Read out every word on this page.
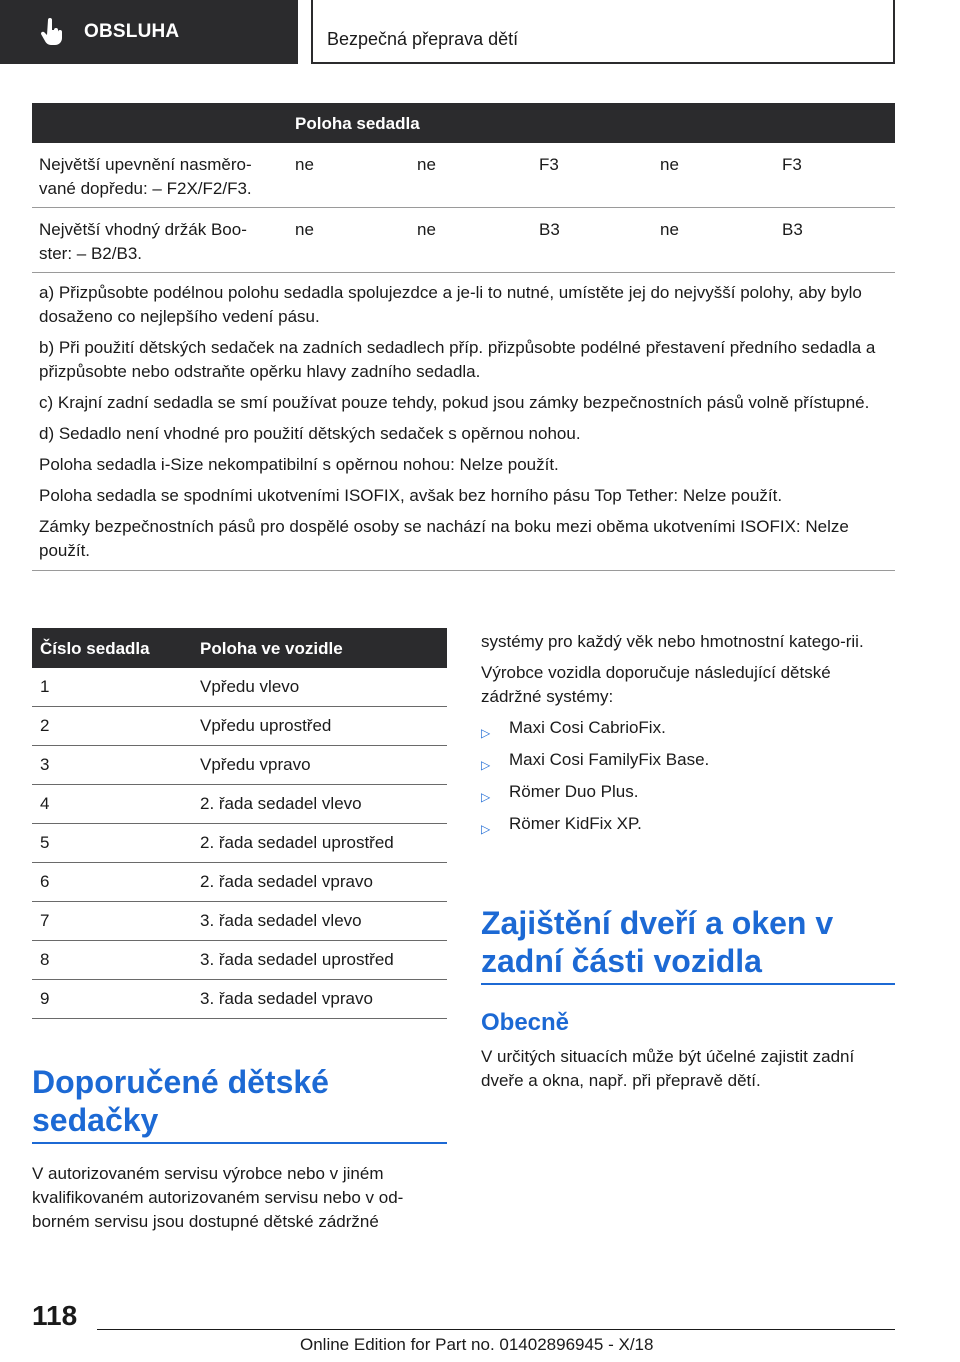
OBSLUHA	Bezpečná přeprava dětí
Poloha sedadla
Největší upevnění nasměro-
vané dopředu: – F2X/F2/F3.
ne	ne	F3	ne	F3
Největší vhodný držák Boo-
ster: – B2/B3.
ne	ne	B3	ne	B3

a) Přizpůsobte podélnou polohu sedadla spolujezdce a je-li to nutné, umístěte jej do nejvyšší polohy, aby bylo dosaženo co nejlepšího vedení pásu.

b) Při použití dětských sedaček na zadních sedadlech příp. přizpůsobte podélné přestavení předního sedadla a přizpůsobte nebo odstraňte opěrku hlavy zadního sedadla.

c) Krajní zadní sedadla se smí používat pouze tehdy, pokud jsou zámky bezpečnostních pásů volně přístupné.

d) Sedadlo není vhodné pro použití dětských sedaček s opěrnou nohou.

Poloha sedadla i-Size nekompatibilní s opěrnou nohou: Nelze použít.

Poloha sedadla se spodními ukotveními ISOFIX, avšak bez horního pásu Top Tether: Nelze použít.

Zámky bezpečnostních pásů pro dospělé osoby se nachází na boku mezi oběma ukotveními ISOFIX: Nelze použít.

Číslo sedadla	Poloha ve vozidle
1	Vpředu vlevo
2	Vpředu uprostřed
3	Vpředu vpravo
4	2. řada sedadel vlevo
5	2. řada sedadel uprostřed
6	2. řada sedadel vpravo
7	3. řada sedadel vlevo
8	3. řada sedadel uprostřed
9	3. řada sedadel vpravo
Doporučené dětské sedačky

V autorizovaném servisu výrobce nebo v jiném kvalifikovaném autorizovaném servisu nebo v od-borném servisu jsou dostupné dětské zádržné

systémy pro každý věk nebo hmotnostní katego-rii.

Výrobce vozidla doporučuje následující dětské zádržné systémy:

▷ Maxi Cosi CabrioFix.
▷ Maxi Cosi FamilyFix Base.
▷ Römer Duo Plus.
▷ Römer KidFix XP.
Zajištění dveří a oken v zadní části vozidla
Obecně

V určitých situacích může být účelné zajistit zadní dveře a okna, např. při přepravě dětí.

118
Online Edition for Part no. 01402896945 - X/18
